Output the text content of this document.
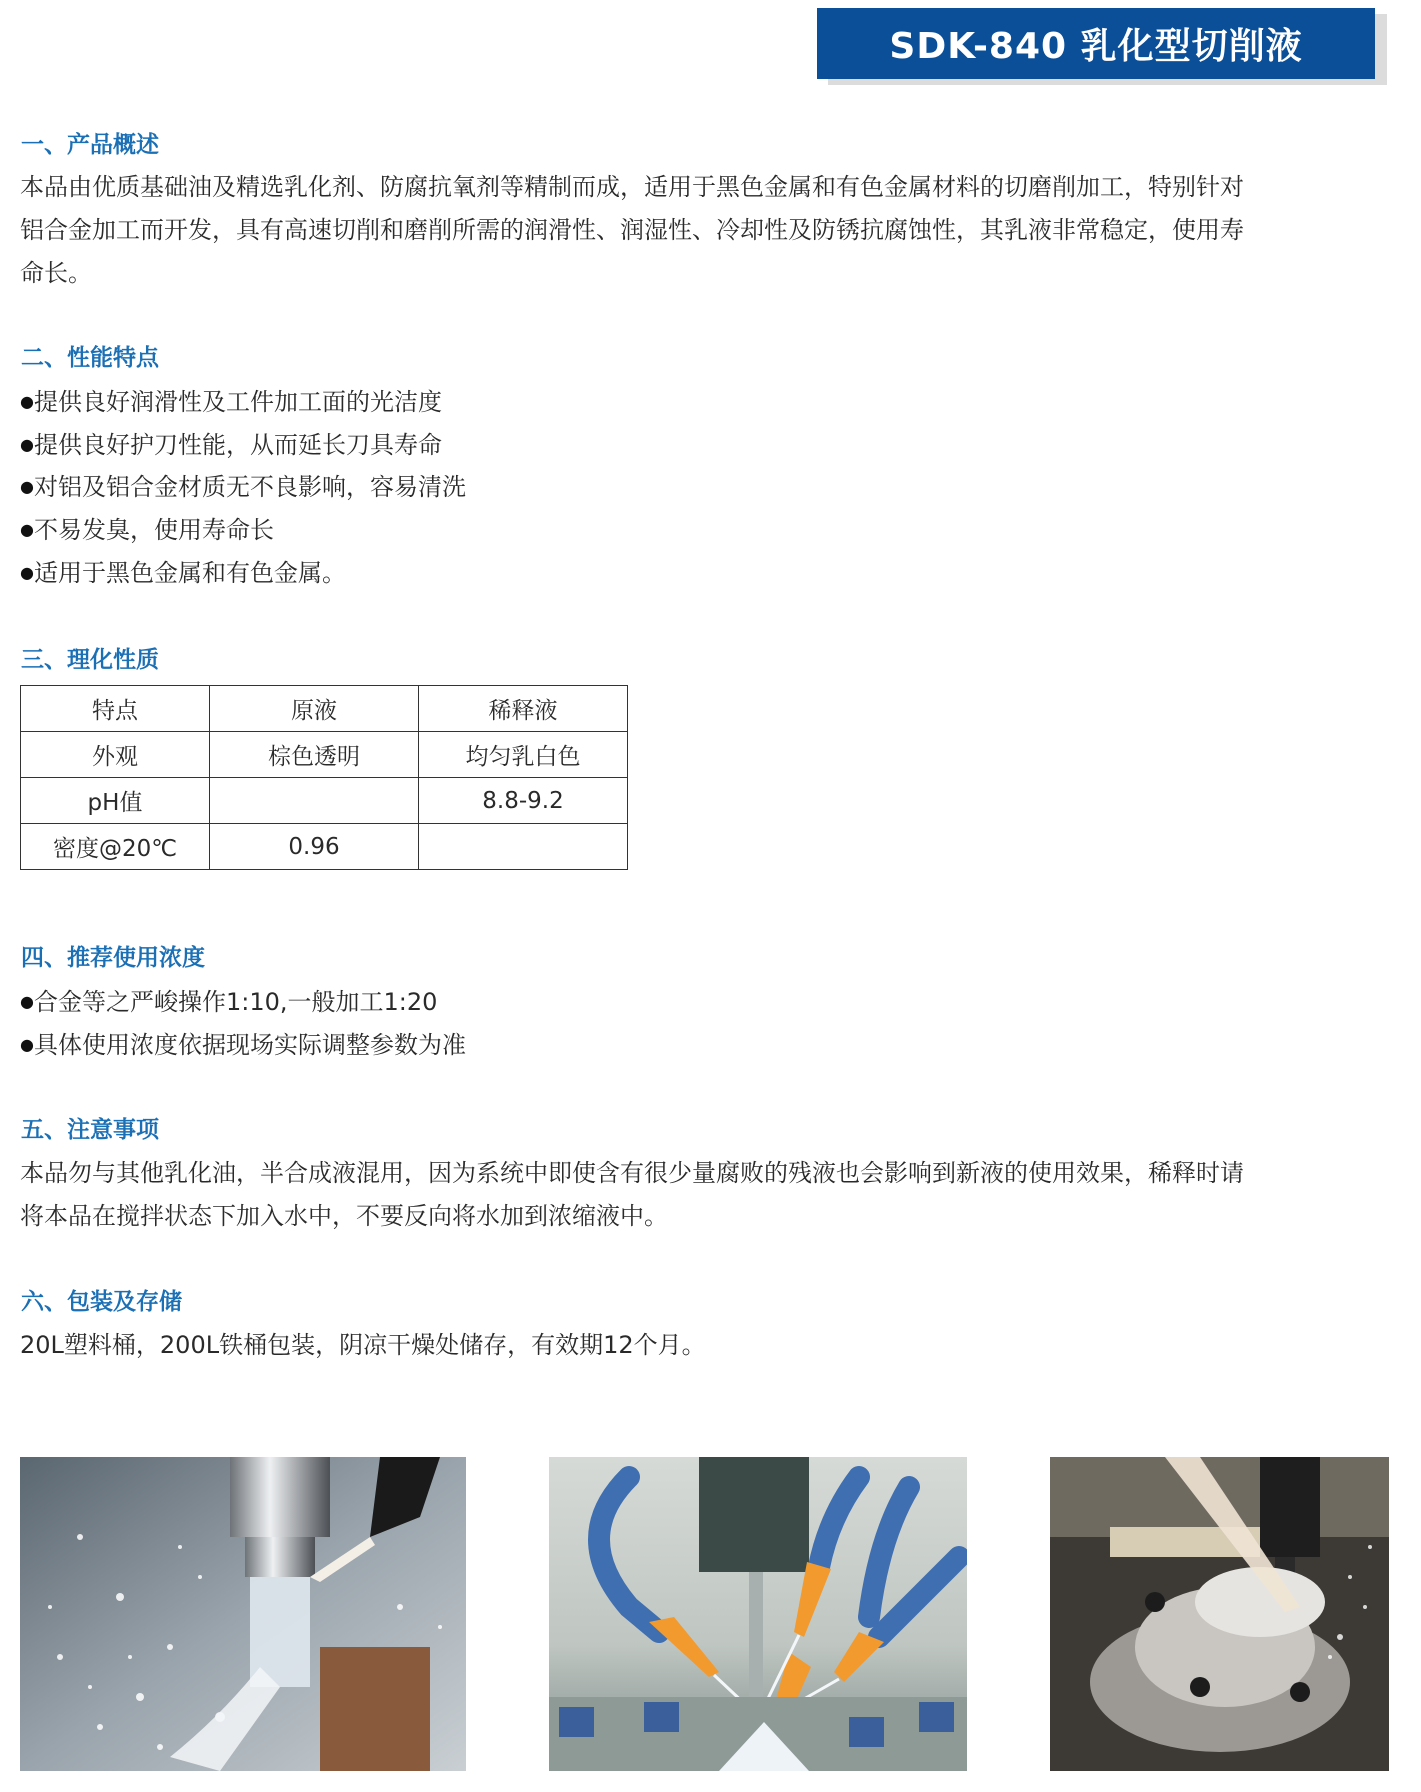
SDK-840 乳化型切削液
一、产品概述

本品由优质基础油及精选乳化剂、防腐抗氧剂等精制而成，适用于黑色金属和有色金属材料的切磨削加工，特别针对

铝合金加工而开发，具有高速切削和磨削所需的润滑性、润湿性、冷却性及防锈抗腐蚀性，其乳液非常稳定，使用寿

命长。

二、性能特点
●提供良好润滑性及工件加工面的光洁度
●提供良好护刀性能，从而延长刀具寿命
●对铝及铝合金材质无不良影响，容易清洗
●不易发臭，使用寿命长
●适用于黑色金属和有色金属。
三、理化性质
特点	原液	稀释液
外观	棕色透明	均匀乳白色
pH值		8.8-9.2
密度@20℃	0.96	
四、推荐使用浓度
●合金等之严峻操作1:10,一般加工1:20
●具体使用浓度依据现场实际调整参数为准
五、注意事项

本品勿与其他乳化油，半合成液混用，因为系统中即使含有很少量腐败的残液也会影响到新液的使用效果，稀释时请

将本品在搅拌状态下加入水中，不要反向将水加到浓缩液中。

六、包装及存储

20L塑料桶，200L铁桶包装，阴凉干燥处储存，有效期12个月。
